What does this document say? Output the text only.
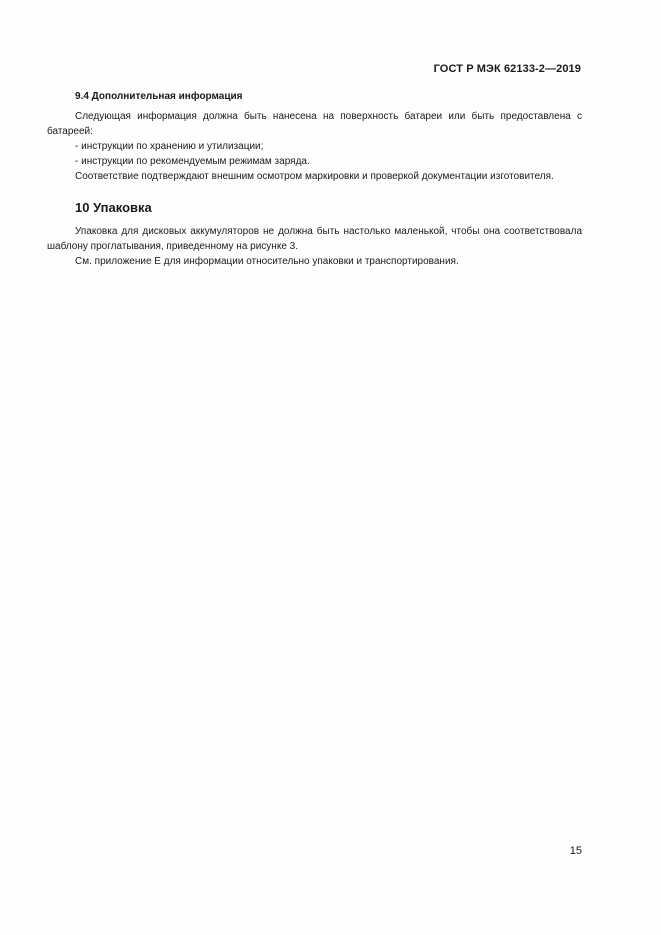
ГОСТ Р МЭК 62133-2—2019
9.4 Дополнительная информация

Следующая информация должна быть нанесена на поверхность батареи или быть предоставлена с батареей:

- инструкции по хранению и утилизации;

- инструкции по рекомендуемым режимам заряда.

Соответствие подтверждают внешним осмотром маркировки и проверкой документации изготовителя.

10 Упаковка

Упаковка для дисковых аккумуляторов не должна быть настолько маленькой, чтобы она соответствовала шаблону проглатывания, приведенному на рисунке 3.

См. приложение Е для информации относительно упаковки и транспортирования.

15
